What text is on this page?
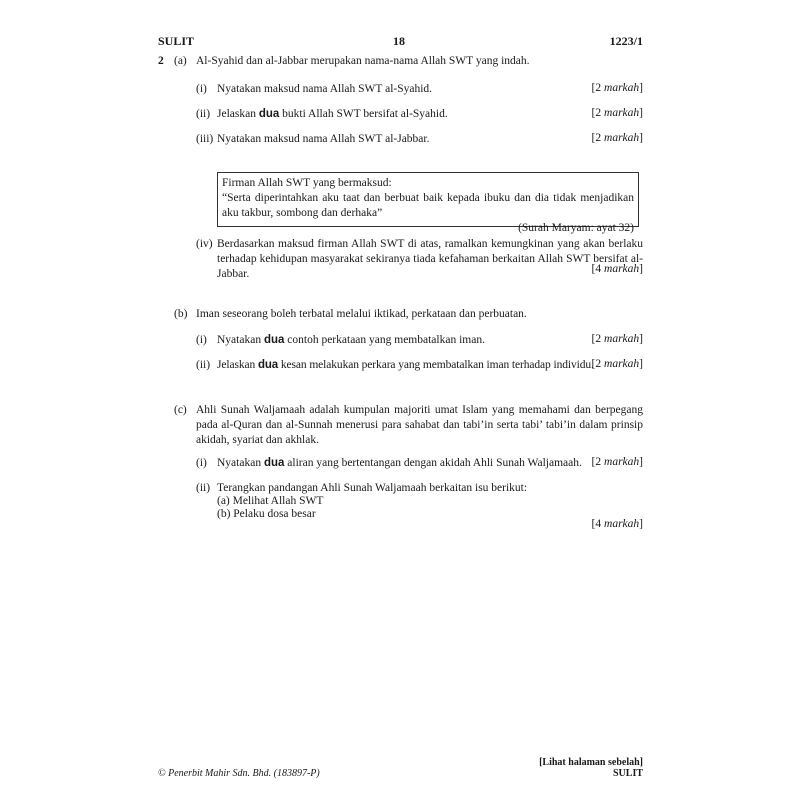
SULIT	18	1223/1
2 (a) Al-Syahid dan al-Jabbar merupakan nama-nama Allah SWT yang indah.
(i) Nyatakan maksud nama Allah SWT al-Syahid.	[2 markah]
(ii) Jelaskan dua bukti Allah SWT bersifat al-Syahid.	[2 markah]
(iii) Nyatakan maksud nama Allah SWT al-Jabbar.	[2 markah]
Firman Allah SWT yang bermaksud:
“Serta diperintahkan aku taat dan berbuat baik kepada ibuku dan dia tidak menjadikan aku takbur, sombong dan derhaka”
(Surah Maryam: ayat 32)
(iv) Berdasarkan maksud firman Allah SWT di atas, ramalkan kemungkinan yang akan berlaku terhadap kehidupan masyarakat sekiranya tiada kefahaman berkaitan Allah SWT bersifat al-Jabbar.	[4 markah]
(b) Iman seseorang boleh terbatal melalui iktikad, perkataan dan perbuatan.
(i) Nyatakan dua contoh perkataan yang membatalkan iman.	[2 markah]
(ii) Jelaskan dua kesan melakukan perkara yang membatalkan iman terhadap individu.
[2 markah]
(c) Ahli Sunah Waljamaah adalah kumpulan majoriti umat Islam yang memahami dan berpegang pada al-Quran dan al-Sunnah menerusi para sahabat dan tabi’in serta tabi’ tabi’in dalam prinsip akidah, syariat dan akhlak.
(i) Nyatakan dua aliran yang bertentangan dengan akidah Ahli Sunah Waljamaah. [2 markah]
(ii) Terangkan pandangan Ahli Sunah Waljamaah berkaitan isu berikut:
(a) Melihat Allah SWT
(b) Pelaku dosa besar
[4 markah]
© Penerbit Mahir Sdn. Bhd. (183897-P)
[Lihat halaman sebelah]
SULIT
